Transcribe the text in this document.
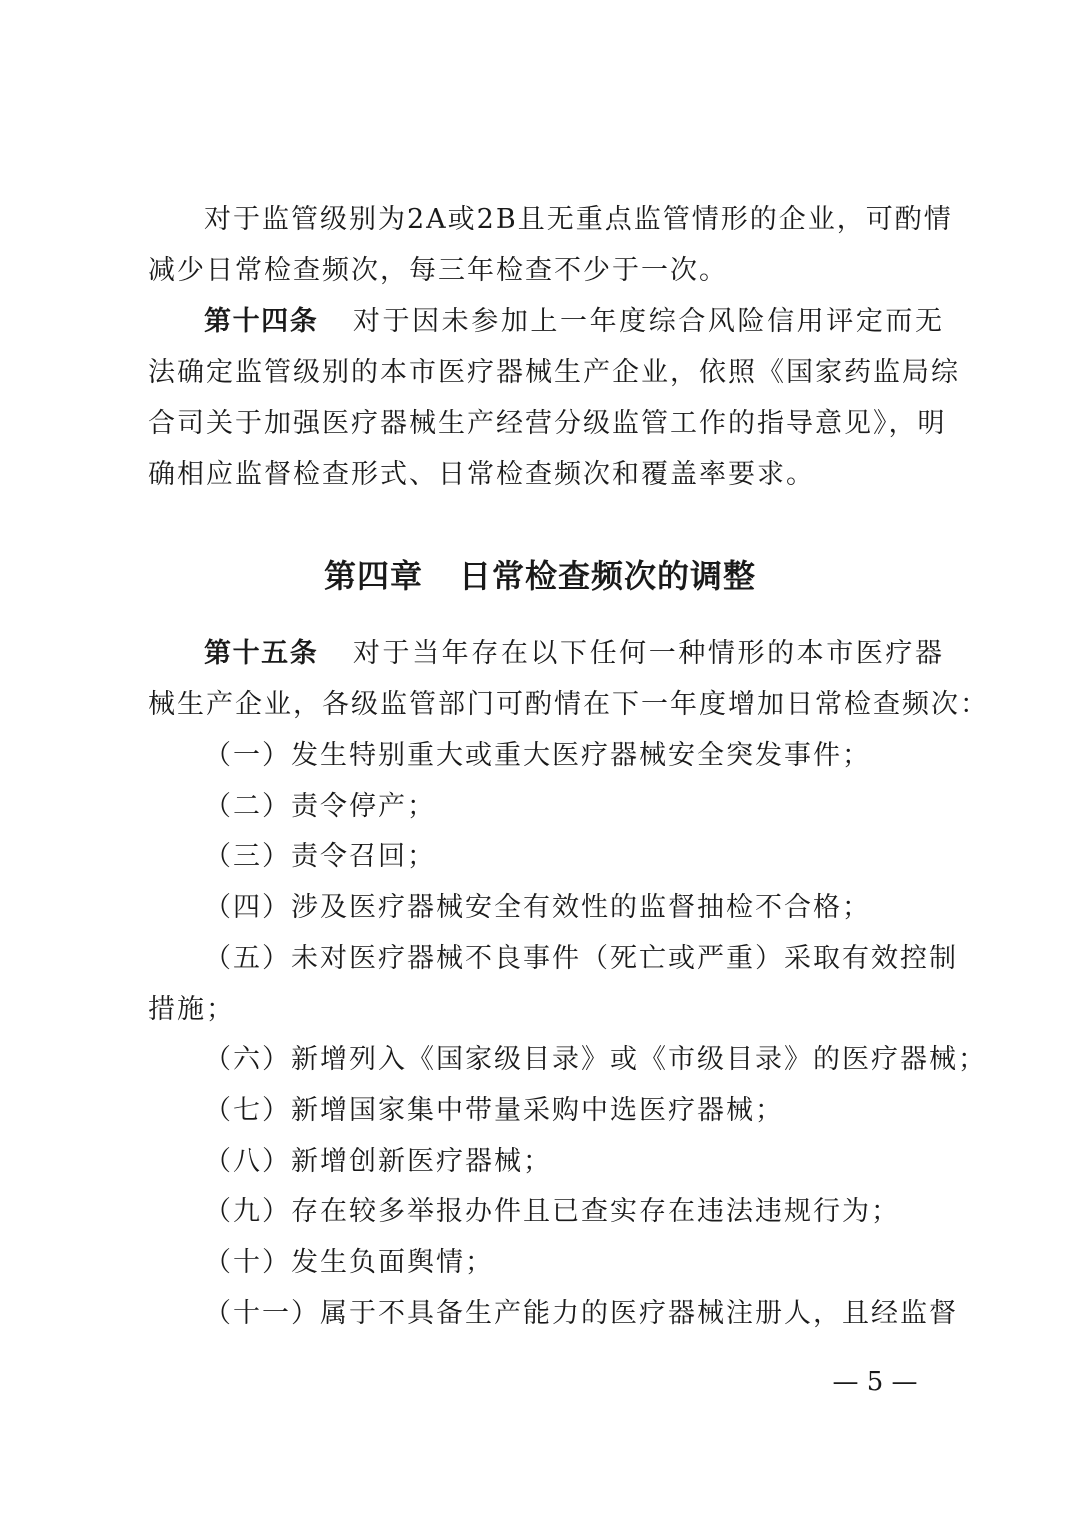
对于监管级别为2A或2B且无重点监管情形的企业，可酌情
减少日常检查频次，每三年检查不少于一次。
第十四条 对于因未参加上一年度综合风险信用评定而无
法确定监管级别的本市医疗器械生产企业，依照《国家药监局综
合司关于加强医疗器械生产经营分级监管工作的指导意见》，明
确相应监督检查形式、日常检查频次和覆盖率要求。
第四章 日常检查频次的调整
第十五条 对于当年存在以下任何一种情形的本市医疗器
械生产企业，各级监管部门可酌情在下一年度增加日常检查频次：
（一）发生特别重大或重大医疗器械安全突发事件；
（二）责令停产；
（三）责令召回；
（四）涉及医疗器械安全有效性的监督抽检不合格；
（五）未对医疗器械不良事件（死亡或严重）采取有效控制
措施；
（六）新增列入《国家级目录》或《市级目录》的医疗器械；
（七）新增国家集中带量采购中选医疗器械；
（八）新增创新医疗器械；
（九）存在较多举报办件且已查实存在违法违规行为；
（十）发生负面舆情；
（十一）属于不具备生产能力的医疗器械注册人，且经监督
— 5 —
